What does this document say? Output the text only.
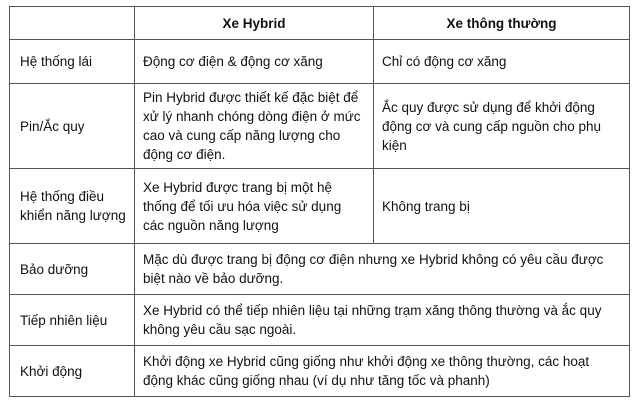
	Xe Hybrid	Xe thông thường
Hệ thống lái	Động cơ điện & động cơ xăng	Chỉ có động cơ xăng
Pin/Ắc quy	Pin Hybrid được thiết kế đặc biệt để xử lý nhanh chóng dòng điện ở mức cao và cung cấp năng lượng cho động cơ điện.	Ắc quy được sử dụng để khởi động động cơ và cung cấp nguồn cho phụ kiện
Hệ thống điều khiển năng lượng	Xe Hybrid được trang bị một hệ thống để tối ưu hóa việc sử dụng các nguồn năng lượng	Không trang bị
Bảo dưỡng	Mặc dù được trang bị động cơ điện nhưng xe Hybrid không có yêu cầu được biệt nào về bảo dưỡng.	
Tiếp nhiên liệu	Xe Hybrid có thể tiếp nhiên liệu tại những trạm xăng thông thường và ắc quy không yêu cầu sạc ngoài.	
Khởi động	Khởi động xe Hybrid cũng giống như khởi động xe thông thường, các hoạt động khác cũng giống nhau (ví dụ như tăng tốc và phanh)	
